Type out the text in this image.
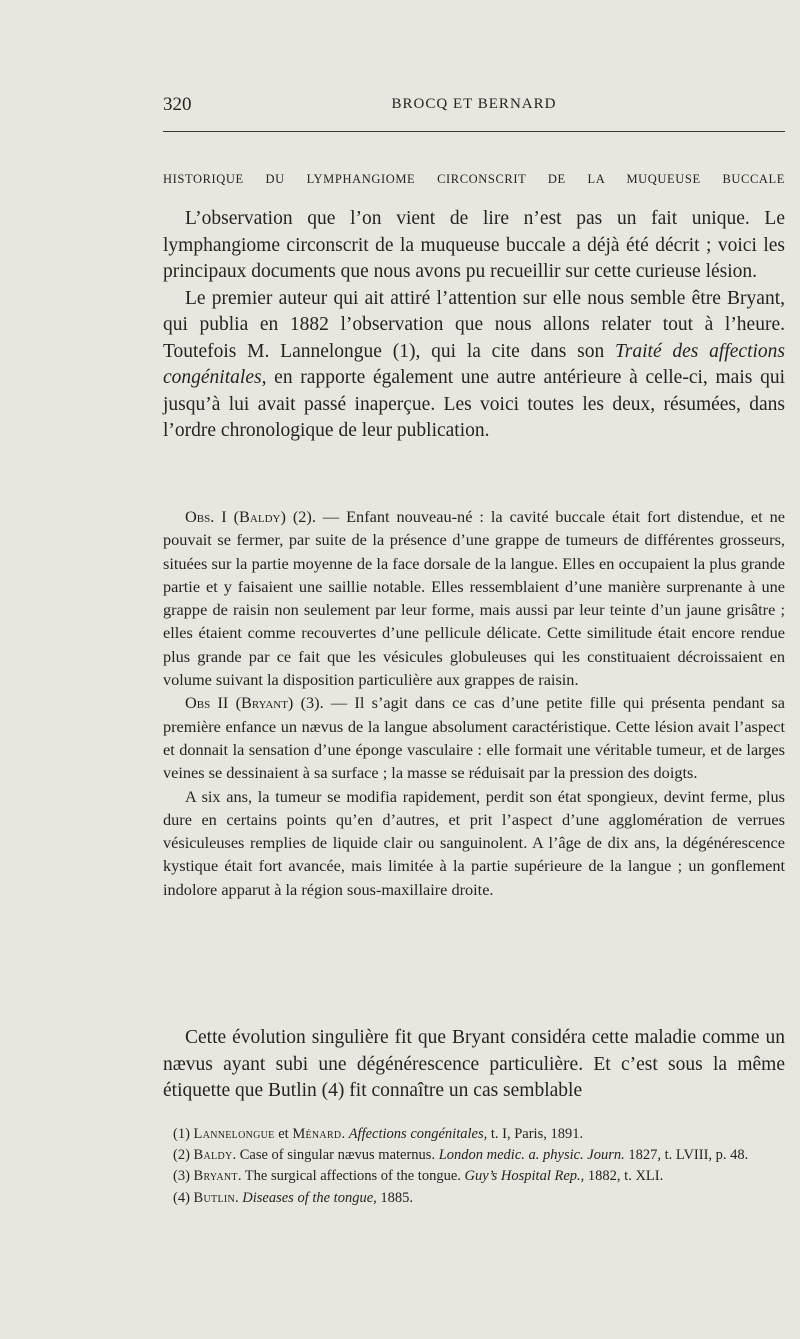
320	BROCQ ET BERNARD
HISTORIQUE DU LYMPHANGIOME CIRCONSCRIT DE LA MUQUEUSE BUCCALE

L’observation que l’on vient de lire n’est pas un fait unique. Le lymphangiome circonscrit de la muqueuse buccale a déjà été décrit ; voici les principaux documents que nous avons pu recueillir sur cette curieuse lésion.

Le premier auteur qui ait attiré l’attention sur elle nous semble être Bryant, qui publia en 1882 l’observation que nous allons relater tout à l’heure. Toutefois M. Lannelongue (1), qui la cite dans son Traité des affections congénitales, en rapporte également une autre antérieure à celle-ci, mais qui jusqu’à lui avait passé inaperçue. Les voici toutes les deux, résumées, dans l’ordre chronologique de leur publication.

Obs. I (Baldy) (2). — Enfant nouveau-né : la cavité buccale était fort distendue, et ne pouvait se fermer, par suite de la présence d’une grappe de tumeurs de différentes grosseurs, situées sur la partie moyenne de la face dorsale de la langue. Elles en occupaient la plus grande partie et y faisaient une saillie notable. Elles ressemblaient d’une manière surprenante à une grappe de raisin non seulement par leur forme, mais aussi par leur teinte d’un jaune grisâtre ; elles étaient comme recouvertes d’une pellicule délicate. Cette similitude était encore rendue plus grande par ce fait que les vésicules globuleuses qui les constituaient décroissaient en volume suivant la disposition particulière aux grappes de raisin.

Obs II (Bryant) (3). — Il s’agit dans ce cas d’une petite fille qui présenta pendant sa première enfance un nævus de la langue absolument caractéristique. Cette lésion avait l’aspect et donnait la sensation d’une éponge vasculaire : elle formait une véritable tumeur, et de larges veines se dessinaient à sa surface ; la masse se réduisait par la pression des doigts.

A six ans, la tumeur se modifia rapidement, perdit son état spongieux, devint ferme, plus dure en certains points qu’en d’autres, et prit l’aspect d’une agglomération de verrues vésiculeuses remplies de liquide clair ou sanguinolent. A l’âge de dix ans, la dégénérescence kystique était fort avancée, mais limitée à la partie supérieure de la langue ; un gonflement indolore apparut à la région sous-maxillaire droite.

Cette évolution singulière fit que Bryant considéra cette maladie comme un nævus ayant subi une dégénérescence particulière. Et c’est sous la même étiquette que Butlin (4) fit connaître un cas semblable

(1) Lannelongue et Ménard. Affections congénitales, t. I, Paris, 1891.

(2) Baldy. Case of singular nævus maternus. London medic. a. physic. Journ. 1827, t. LVIII, p. 48.

(3) Bryant. The surgical affections of the tongue. Guy’s Hospital Rep., 1882, t. XLI.

(4) Butlin. Diseases of the tongue, 1885.
